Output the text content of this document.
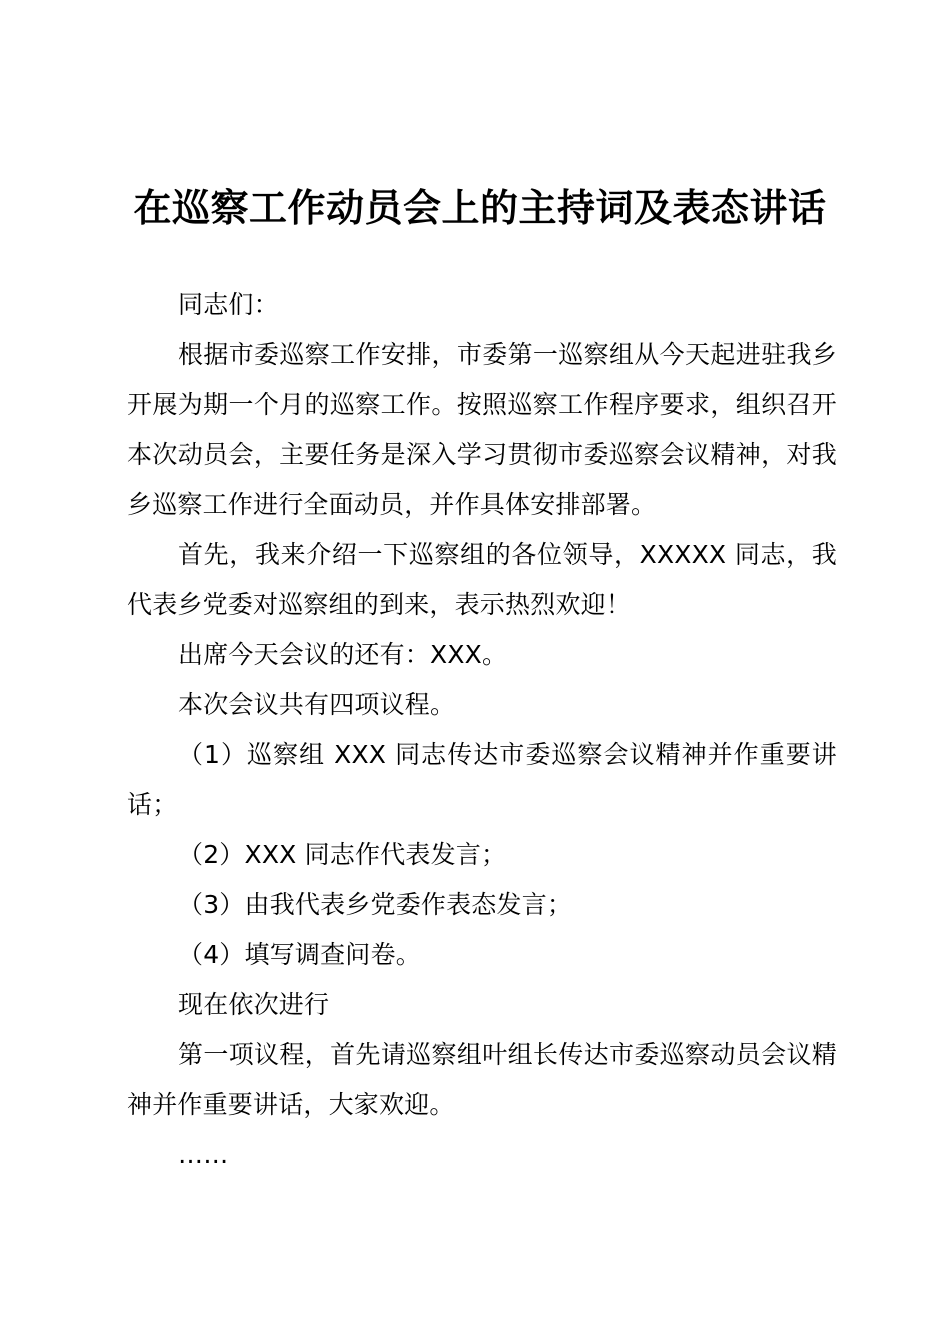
在巡察工作动员会上的主持词及表态讲话

同志们：

根据市委巡察工作安排，市委第一巡察组从今天起进驻我乡开展为期一个月的巡察工作。按照巡察工作程序要求，组织召开本次动员会，主要任务是深入学习贯彻市委巡察会议精神，对我乡巡察工作进行全面动员，并作具体安排部署。

首先，我来介绍一下巡察组的各位领导，XXXXX 同志，我代表乡党委对巡察组的到来，表示热烈欢迎！

出席今天会议的还有：XXX。

本次会议共有四项议程。

（1）巡察组 XXX 同志传达市委巡察会议精神并作重要讲话；

（2）XXX 同志作代表发言；

（3）由我代表乡党委作表态发言；

（4）填写调查问卷。

现在依次进行

第一项议程，首先请巡察组叶组长传达市委巡察动员会议精神并作重要讲话，大家欢迎。

……
